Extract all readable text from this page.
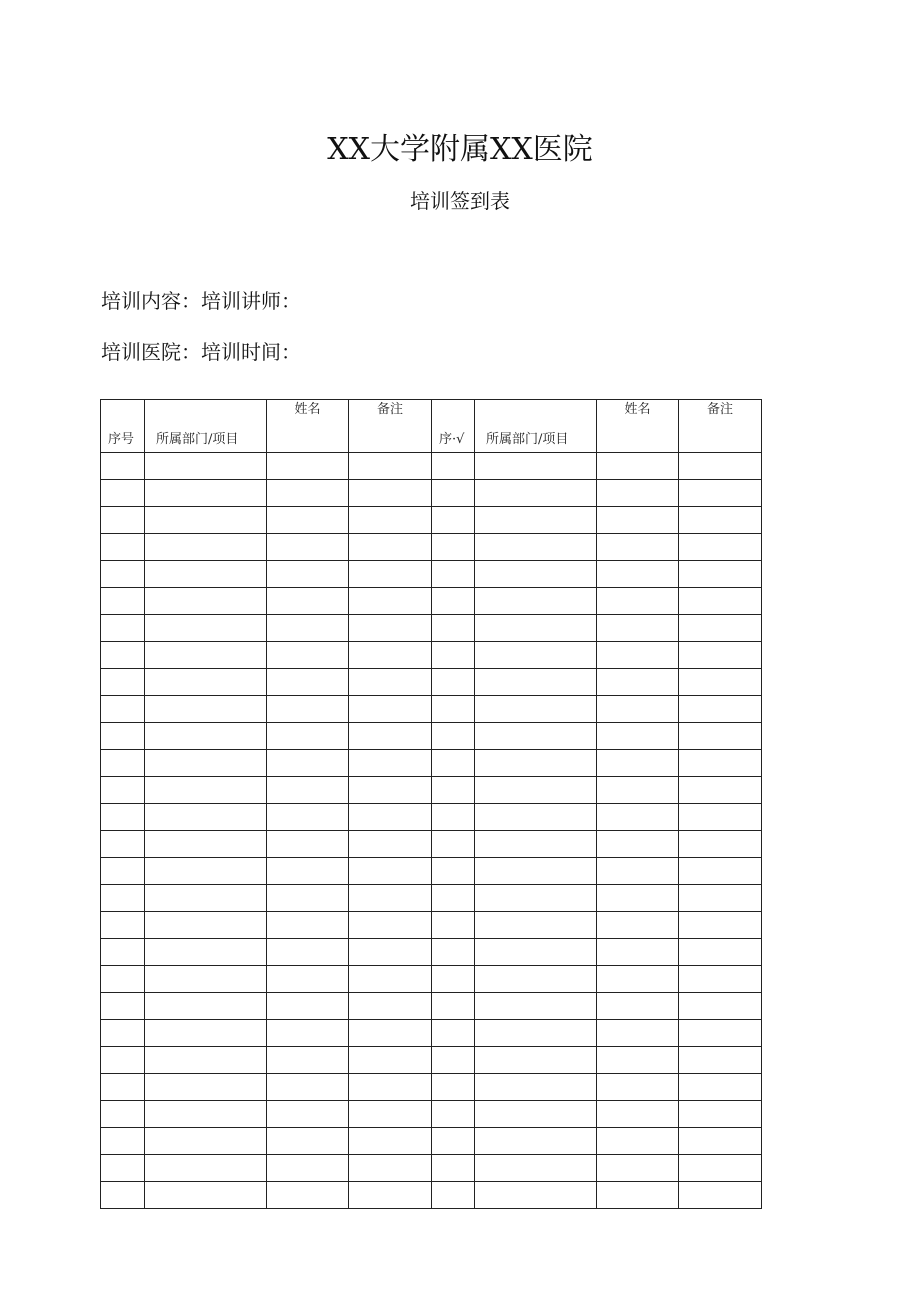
XX大学附属XX医院
培训签到表
培训内容：培训讲师：
培训医院：培训时间：
序号	所属部门/项目	姓名	备注	序·√	所属部门/项目	姓名	备注
